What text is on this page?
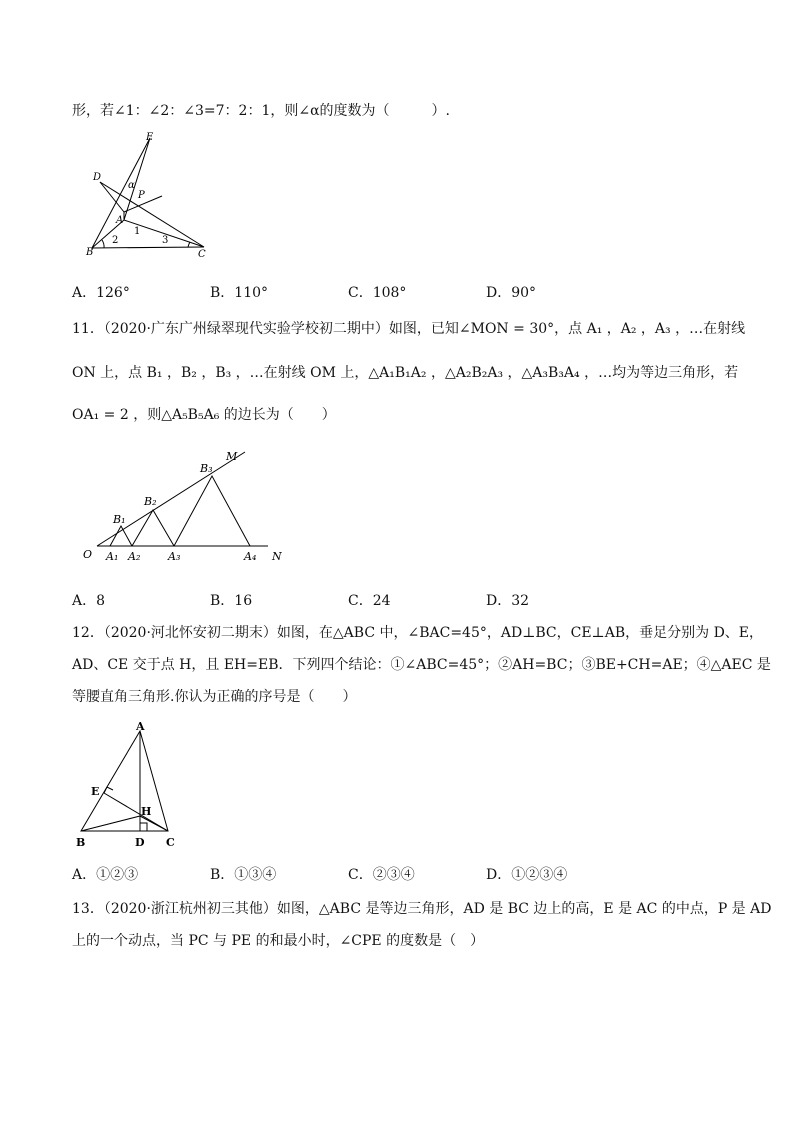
形，若∠1：∠2：∠3=7：2：1，则∠α的度数为（　　　）.
E
D
α
P
A
1
2	3
B	C
A．126°	B．110°	C．108°	D．90°
11．（2020·广东广州绿翠现代实验学校初二期中）如图，已知∠MON = 30°，点 A₁ ，A₂ ，A₃ ，…在射线
ON 上，点 B₁ ，B₂ ，B₃ ，…在射线 OM 上，△A₁B₁A₂ ，△A₂B₂A₃ ，△A₃B₃A₄ ，…均为等边三角形，若
OA₁ = 2 ，则△A₅B₅A₆ 的边长为（　　）
O A₁ A₂	A₃	A₄ N
B₁
B₂
B₃
M
A．8	B．16	C．24	D．32
12．（2020·河北怀安初二期末）如图，在△ABC 中，∠BAC=45°，AD⊥BC，CE⊥AB，垂足分别为 D、E，
AD、CE 交于点 H，且 EH=EB．下列四个结论：①∠ABC=45°；②AH=BC；③BE+CH=AE；④△AEC 是
等腰直角三角形.你认为正确的序号是（　　）
A
E
H
B	D C
A．①②③	B．①③④	C．②③④	D．①②③④
13．（2020·浙江杭州初三其他）如图，△ABC 是等边三角形，AD 是 BC 边上的高，E 是 AC 的中点，P 是 AD
上的一个动点，当 PC 与 PE 的和最小时，∠CPE 的度数是（　）
